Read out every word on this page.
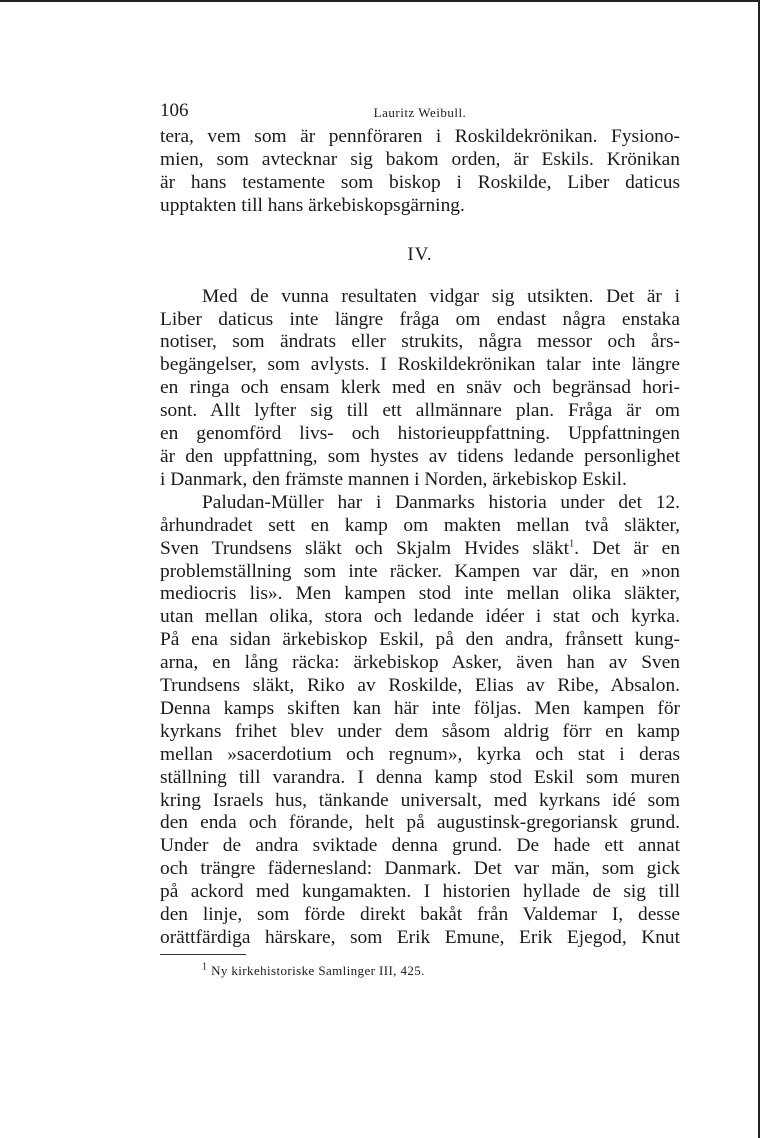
106	Lauritz Weibull.
tera, vem som är pennföraren i Roskildekrönikan. Fysiono-
mien, som avtecknar sig bakom orden, är Eskils. Krönikan
är hans testamente som biskop i Roskilde, Liber daticus
upptakten till hans ärkebiskopsgärning.
IV.
Med de vunna resultaten vidgar sig utsikten. Det är i
Liber daticus inte längre fråga om endast några enstaka
notiser, som ändrats eller strukits, några messor och års-
begängelser, som avlysts. I Roskildekrönikan talar inte längre
en ringa och ensam klerk med en snäv och begränsad hori-
sont. Allt lyfter sig till ett allmännare plan. Fråga är om
en genomförd livs- och historieuppfattning. Uppfattningen
är den uppfattning, som hystes av tidens ledande personlighet
i Danmark, den främste mannen i Norden, ärkebiskop Eskil.
Paludan-Müller har i Danmarks historia under det 12.
århundradet sett en kamp om makten mellan två släkter,
Sven Trundsens släkt och Skjalm Hvides släkt$^1$. Det är en
problemställning som inte räcker. Kampen var där, en »non
mediocris lis». Men kampen stod inte mellan olika släkter,
utan mellan olika, stora och ledande idéer i stat och kyrka.
På ena sidan ärkebiskop Eskil, på den andra, frånsett kung-
arna, en lång räcka: ärkebiskop Asker, även han av Sven
Trundsens släkt, Riko av Roskilde, Elias av Ribe, Absalon.
Denna kamps skiften kan här inte följas. Men kampen för
kyrkans frihet blev under dem såsom aldrig förr en kamp
mellan »sacerdotium och regnum», kyrka och stat i deras
ställning till varandra. I denna kamp stod Eskil som muren
kring Israels hus, tänkande universalt, med kyrkans idé som
den enda och förande, helt på augustinsk-gregoriansk grund.
Under de andra sviktade denna grund. De hade ett annat
och trängre fädernesland: Danmark. Det var män, som gick
på ackord med kungamakten. I historien hyllade de sig till
den linje, som förde direkt bakåt från Valdemar I, desse
orättfärdiga härskare, som Erik Emune, Erik Ejegod, Knut
$^1$ Ny kirkehistoriske Samlinger III, 425.
